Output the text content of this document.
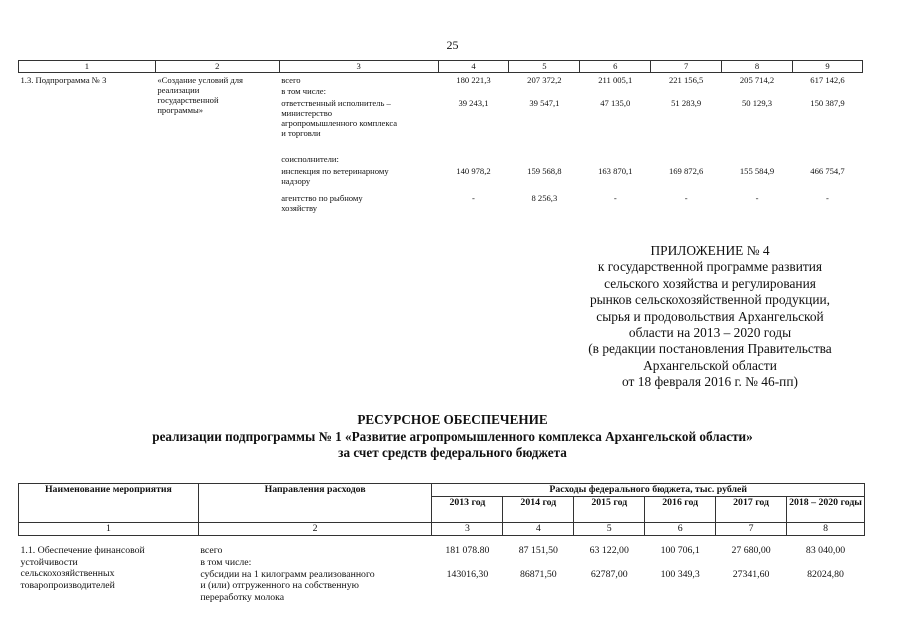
25
1	2	3	4	5	6	7	8	9
1.3. Подпрограмма № 3	«Создание условий для
реализации
государственной
программы»	всего	180 221,3	207 372,2	211 005,1	221 156,5	205 714,2	617 142,6
		в том числе:						

		ответственный исполнитель –
министерство
агропромышленного комплекса
и торговли	39 243,1	39 547,1	47 135,0	51 283,9	50 129,3	150 387,9
		соисполнители:						

		инспекция по ветеринарному
надзору	140 978,2	159 568,8	163 870,1	169 872,6	155 584,9	466 754,7

		агентство по рыбному
хозяйству	-	8 256,3	-	-	-	-
ПРИЛОЖЕНИЕ № 4
к государственной программе развития
сельского хозяйства и регулирования
рынков сельскохозяйственной продукции,
сырья и продовольствия Архангельской
области на 2013 – 2020 годы
(в редакции постановления Правительства
Архангельской области
от 18 февраля 2016 г. № 46-пп)
РЕСУРСНОЕ ОБЕСПЕЧЕНИЕ
реализации подпрограммы № 1 «Развитие агропромышленного комплекса Архангельской области»
за счет средств федерального бюджета
Наименование мероприятия	Направления расходов	Расходы федерального бюджета, тыс. рублей					
		2013 год	2014 год	2015 год	2016 год	2017 год	2018 – 2020 годы
1	2	3	4	5	6	7	8

1.1. Обеспечение финансовой
устойчивости
сельскохозяйственных
товаропроизводителей	всего	181 078.80	87 151,50	63 122,00	100 706,1	27 680,00	83 040,00
	в том числе:						

	субсидии на 1 килограмм реализованного
и (или) отгруженного на собственную
переработку молока	143016,30	86871,50	62787,00	100 349,3	27341,60	82024,80
